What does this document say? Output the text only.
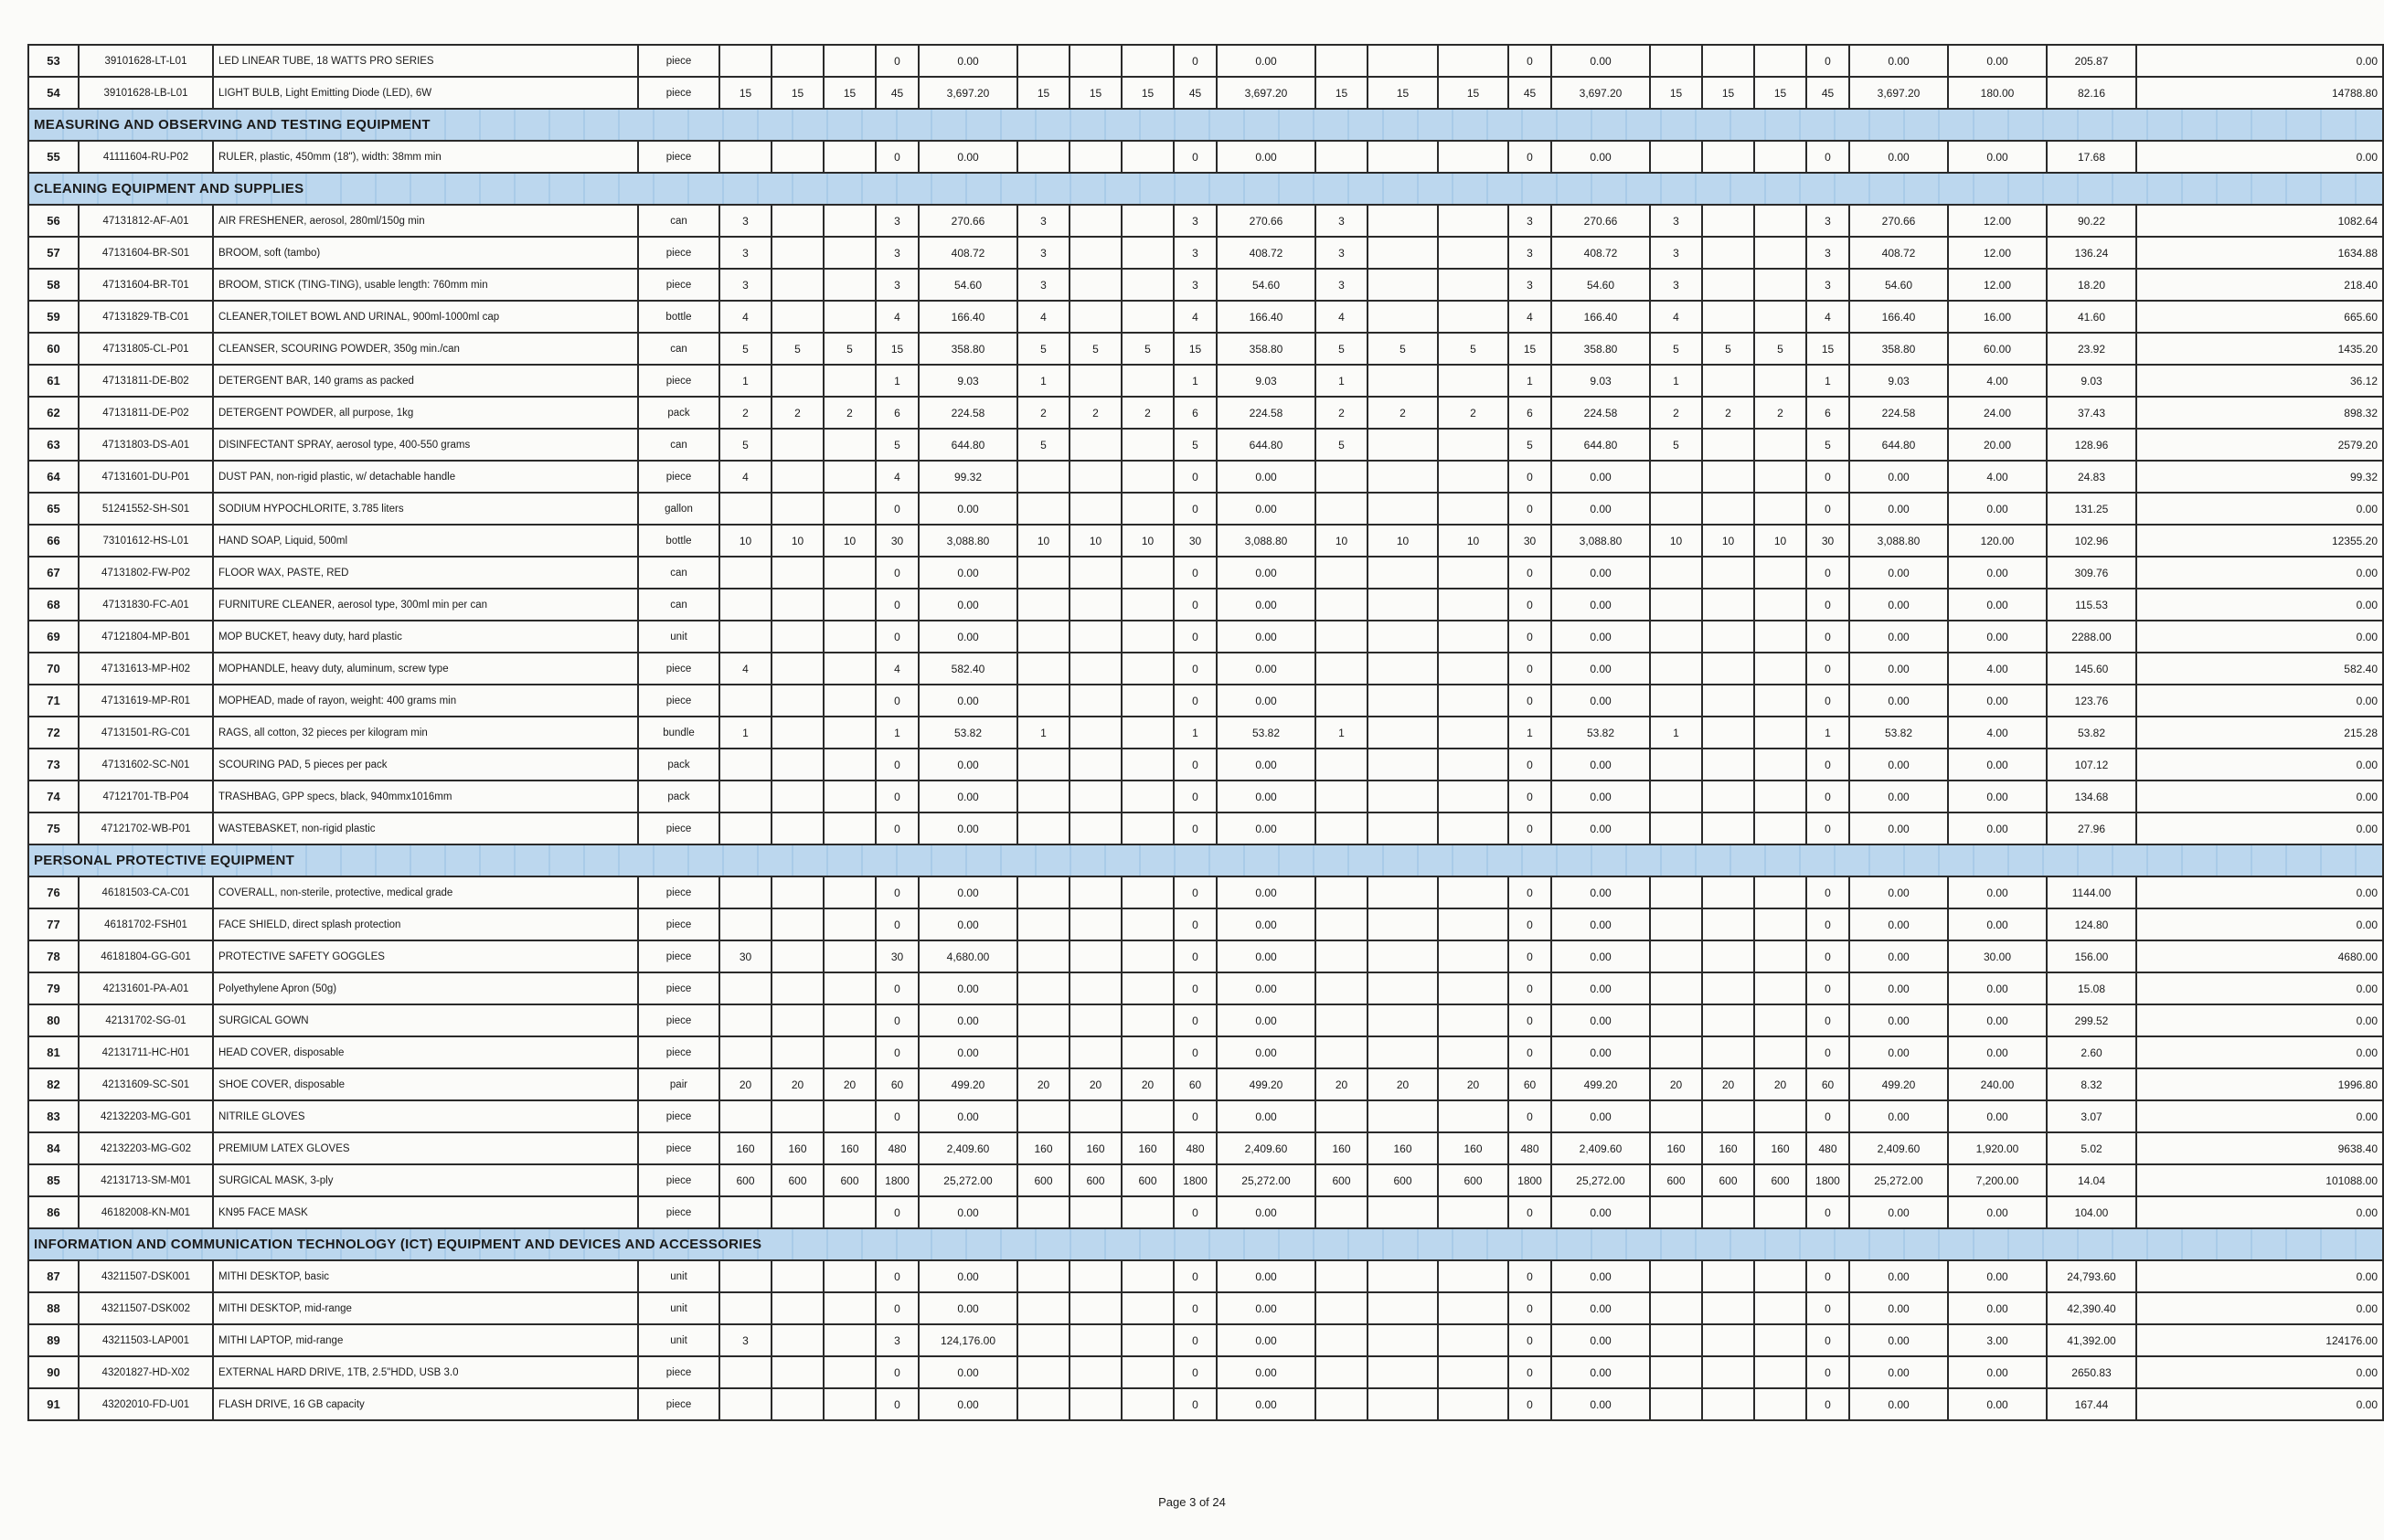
53	39101628-LT-L01	LED LINEAR TUBE, 18 WATTS PRO SERIES	piece				0	0.00				0	0.00				0	0.00				0	0.00	0.00	205.87	0.00
54	39101628-LB-L01	LIGHT BULB, Light Emitting Diode (LED), 6W	piece	15	15	15	45	3,697.20	15	15	15	45	3,697.20	15	15	15	45	3,697.20	15	15	15	45	3,697.20	180.00	82.16	14788.80
MEASURING AND OBSERVING AND TESTING EQUIPMENT																										
55	41111604-RU-P02	RULER, plastic, 450mm (18"), width: 38mm min	piece				0	0.00				0	0.00				0	0.00				0	0.00	0.00	17.68	0.00
CLEANING EQUIPMENT AND SUPPLIES																										
56	47131812-AF-A01	AIR FRESHENER, aerosol, 280ml/150g min	can	3			3	270.66	3			3	270.66	3			3	270.66	3			3	270.66	12.00	90.22	1082.64
57	47131604-BR-S01	BROOM, soft (tambo)	piece	3			3	408.72	3			3	408.72	3			3	408.72	3			3	408.72	12.00	136.24	1634.88
58	47131604-BR-T01	BROOM, STICK (TING-TING), usable length: 760mm min	piece	3			3	54.60	3			3	54.60	3			3	54.60	3			3	54.60	12.00	18.20	218.40
59	47131829-TB-C01	CLEANER,TOILET BOWL AND URINAL, 900ml-1000ml cap	bottle	4			4	166.40	4			4	166.40	4			4	166.40	4			4	166.40	16.00	41.60	665.60
60	47131805-CL-P01	CLEANSER, SCOURING POWDER, 350g min./can	can	5	5	5	15	358.80	5	5	5	15	358.80	5	5	5	15	358.80	5	5	5	15	358.80	60.00	23.92	1435.20
61	47131811-DE-B02	DETERGENT BAR, 140 grams as packed	piece	1			1	9.03	1			1	9.03	1			1	9.03	1			1	9.03	4.00	9.03	36.12
62	47131811-DE-P02	DETERGENT POWDER, all purpose, 1kg	pack	2	2	2	6	224.58	2	2	2	6	224.58	2	2	2	6	224.58	2	2	2	6	224.58	24.00	37.43	898.32
63	47131803-DS-A01	DISINFECTANT SPRAY, aerosol type, 400-550 grams	can	5			5	644.80	5			5	644.80	5			5	644.80	5			5	644.80	20.00	128.96	2579.20
64	47131601-DU-P01	DUST PAN, non-rigid plastic, w/ detachable handle	piece	4			4	99.32				0	0.00				0	0.00				0	0.00	4.00	24.83	99.32
65	51241552-SH-S01	SODIUM HYPOCHLORITE, 3.785 liters	gallon				0	0.00				0	0.00				0	0.00				0	0.00	0.00	131.25	0.00
66	73101612-HS-L01	HAND SOAP, Liquid, 500ml	bottle	10	10	10	30	3,088.80	10	10	10	30	3,088.80	10	10	10	30	3,088.80	10	10	10	30	3,088.80	120.00	102.96	12355.20
67	47131802-FW-P02	FLOOR WAX, PASTE, RED	can				0	0.00				0	0.00				0	0.00				0	0.00	0.00	309.76	0.00
68	47131830-FC-A01	FURNITURE CLEANER, aerosol type, 300ml min per can	can				0	0.00				0	0.00				0	0.00				0	0.00	0.00	115.53	0.00
69	47121804-MP-B01	MOP BUCKET, heavy duty, hard plastic	unit				0	0.00				0	0.00				0	0.00				0	0.00	0.00	2288.00	0.00
70	47131613-MP-H02	MOPHANDLE, heavy duty, aluminum, screw type	piece	4			4	582.40				0	0.00				0	0.00				0	0.00	4.00	145.60	582.40
71	47131619-MP-R01	MOPHEAD, made of rayon, weight: 400 grams min	piece				0	0.00				0	0.00				0	0.00				0	0.00	0.00	123.76	0.00
72	47131501-RG-C01	RAGS, all cotton, 32 pieces per kilogram min	bundle	1			1	53.82	1			1	53.82	1			1	53.82	1			1	53.82	4.00	53.82	215.28
73	47131602-SC-N01	SCOURING PAD, 5 pieces per pack	pack				0	0.00				0	0.00				0	0.00				0	0.00	0.00	107.12	0.00
74	47121701-TB-P04	TRASHBAG, GPP specs, black, 940mmx1016mm	pack				0	0.00				0	0.00				0	0.00				0	0.00	0.00	134.68	0.00
75	47121702-WB-P01	WASTEBASKET, non-rigid plastic	piece				0	0.00				0	0.00				0	0.00				0	0.00	0.00	27.96	0.00
PERSONAL PROTECTIVE EQUIPMENT																										
76	46181503-CA-C01	COVERALL, non-sterile, protective, medical grade	piece				0	0.00				0	0.00				0	0.00				0	0.00	0.00	1144.00	0.00
77	46181702-FSH01	FACE SHIELD, direct splash protection	piece				0	0.00				0	0.00				0	0.00				0	0.00	0.00	124.80	0.00
78	46181804-GG-G01	PROTECTIVE SAFETY GOGGLES	piece	30			30	4,680.00				0	0.00				0	0.00				0	0.00	30.00	156.00	4680.00
79	42131601-PA-A01	Polyethylene Apron (50g)	piece				0	0.00				0	0.00				0	0.00				0	0.00	0.00	15.08	0.00
80	42131702-SG-01	SURGICAL GOWN	piece				0	0.00				0	0.00				0	0.00				0	0.00	0.00	299.52	0.00
81	42131711-HC-H01	HEAD COVER, disposable	piece				0	0.00				0	0.00				0	0.00				0	0.00	0.00	2.60	0.00
82	42131609-SC-S01	SHOE COVER, disposable	pair	20	20	20	60	499.20	20	20	20	60	499.20	20	20	20	60	499.20	20	20	20	60	499.20	240.00	8.32	1996.80
83	42132203-MG-G01	NITRILE GLOVES	piece				0	0.00				0	0.00				0	0.00				0	0.00	0.00	3.07	0.00
84	42132203-MG-G02	PREMIUM LATEX GLOVES	piece	160	160	160	480	2,409.60	160	160	160	480	2,409.60	160	160	160	480	2,409.60	160	160	160	480	2,409.60	1,920.00	5.02	9638.40
85	42131713-SM-M01	SURGICAL MASK, 3-ply	piece	600	600	600	1800	25,272.00	600	600	600	1800	25,272.00	600	600	600	1800	25,272.00	600	600	600	1800	25,272.00	7,200.00	14.04	101088.00
86	46182008-KN-M01	KN95 FACE MASK	piece				0	0.00				0	0.00				0	0.00				0	0.00	0.00	104.00	0.00
INFORMATION AND COMMUNICATION TECHNOLOGY (ICT) EQUIPMENT AND DEVICES AND ACCESSORIES																										
87	43211507-DSK001	MITHI DESKTOP, basic	unit				0	0.00				0	0.00				0	0.00				0	0.00	0.00	24,793.60	0.00
88	43211507-DSK002	MITHI DESKTOP, mid-range	unit				0	0.00				0	0.00				0	0.00				0	0.00	0.00	42,390.40	0.00
89	43211503-LAP001	MITHI LAPTOP, mid-range	unit	3			3	124,176.00				0	0.00				0	0.00				0	0.00	3.00	41,392.00	124176.00
90	43201827-HD-X02	EXTERNAL HARD DRIVE, 1TB, 2.5"HDD, USB 3.0	piece				0	0.00				0	0.00				0	0.00				0	0.00	0.00	2650.83	0.00
91	43202010-FD-U01	FLASH DRIVE, 16 GB capacity	piece				0	0.00				0	0.00				0	0.00				0	0.00	0.00	167.44	0.00
Page 3 of 24
